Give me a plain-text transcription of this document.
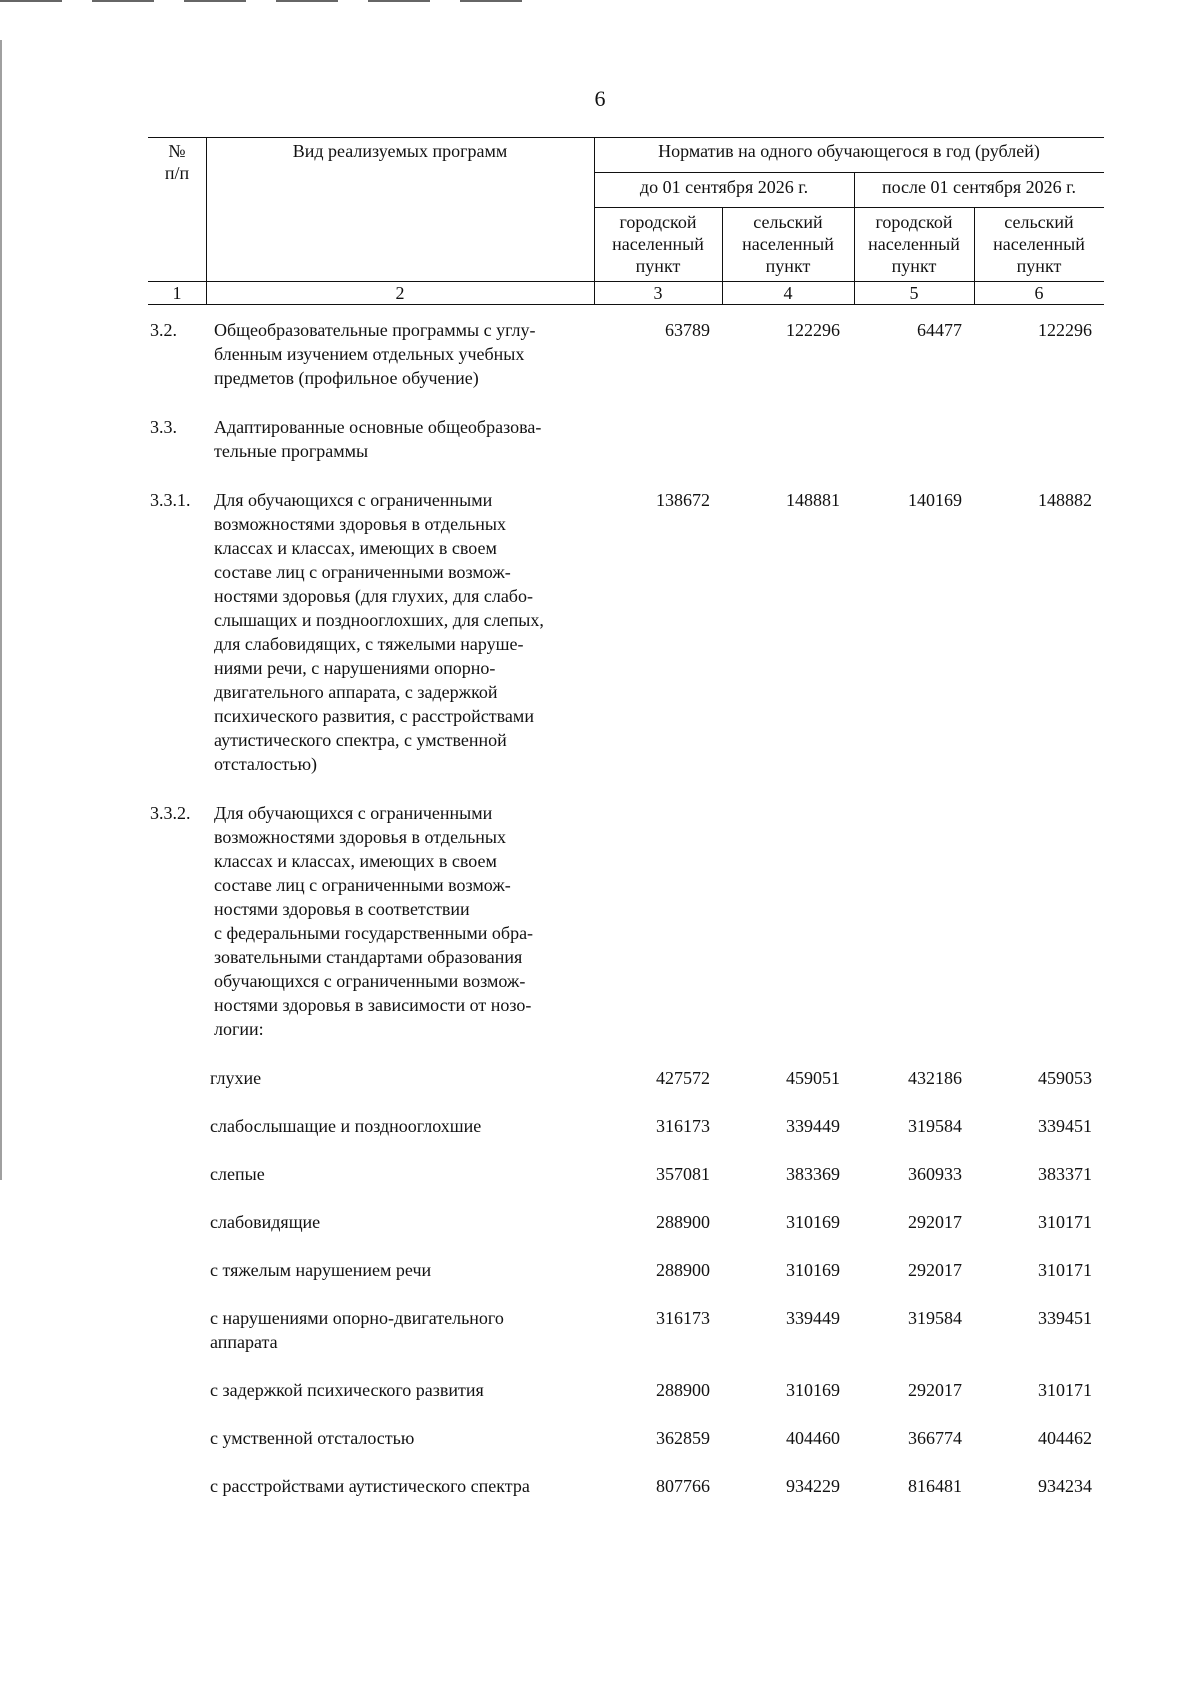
6
№
п/п
Вид реализуемых программ	Норматив на одного обучающегося в год (рублей)
до 01 сентября 2026 г.	после 01 сентября 2026 г.
городской
населенный
пункт
сельский
населенный
пункт
городской
населенный
пункт
сельский
населенный
пункт
1	2	3	4	5	6
3.2.	Общеобразовательные программы с углу-
бленным изучением отдельных учебных
предметов (профильное обучение)
63789	122296	64477	122296
3.3.	Адаптированные основные общеобразова-
тельные программы
3.3.1.	Для обучающихся с ограниченными
возможностями здоровья в отдельных
классах и классах, имеющих в своем
составе лиц с ограниченными возмож-
ностями здоровья (для глухих, для слабо-
слышащих и позднооглохших, для слепых,
для слабовидящих, с тяжелыми наруше-
ниями речи, с нарушениями опорно-
двигательного аппарата, с задержкой
психического развития, с расстройствами
аутистического спектра, с умственной
отсталостью)
138672	148881	140169	148882
3.3.2.	Для обучающихся с ограниченными
возможностями здоровья в отдельных
классах и классах, имеющих в своем
составе лиц с ограниченными возмож-
ностями здоровья в соответствии
с федеральными государственными обра-
зовательными стандартами образования
обучающихся с ограниченными возмож-
ностями здоровья в зависимости от нозо-
логии:
глухие	427572	459051	432186	459053
слабослышащие и позднооглохшие	316173	339449	319584	339451
слепые	357081	383369	360933	383371
слабовидящие	288900	310169	292017	310171
с тяжелым нарушением речи	288900	310169	292017	310171
с нарушениями опорно-двигательного
аппарата
316173	339449	319584	339451
с задержкой психического развития	288900	310169	292017	310171
с умственной отсталостью	362859	404460	366774	404462
с расстройствами аутистического спектра	807766	934229	816481	934234
